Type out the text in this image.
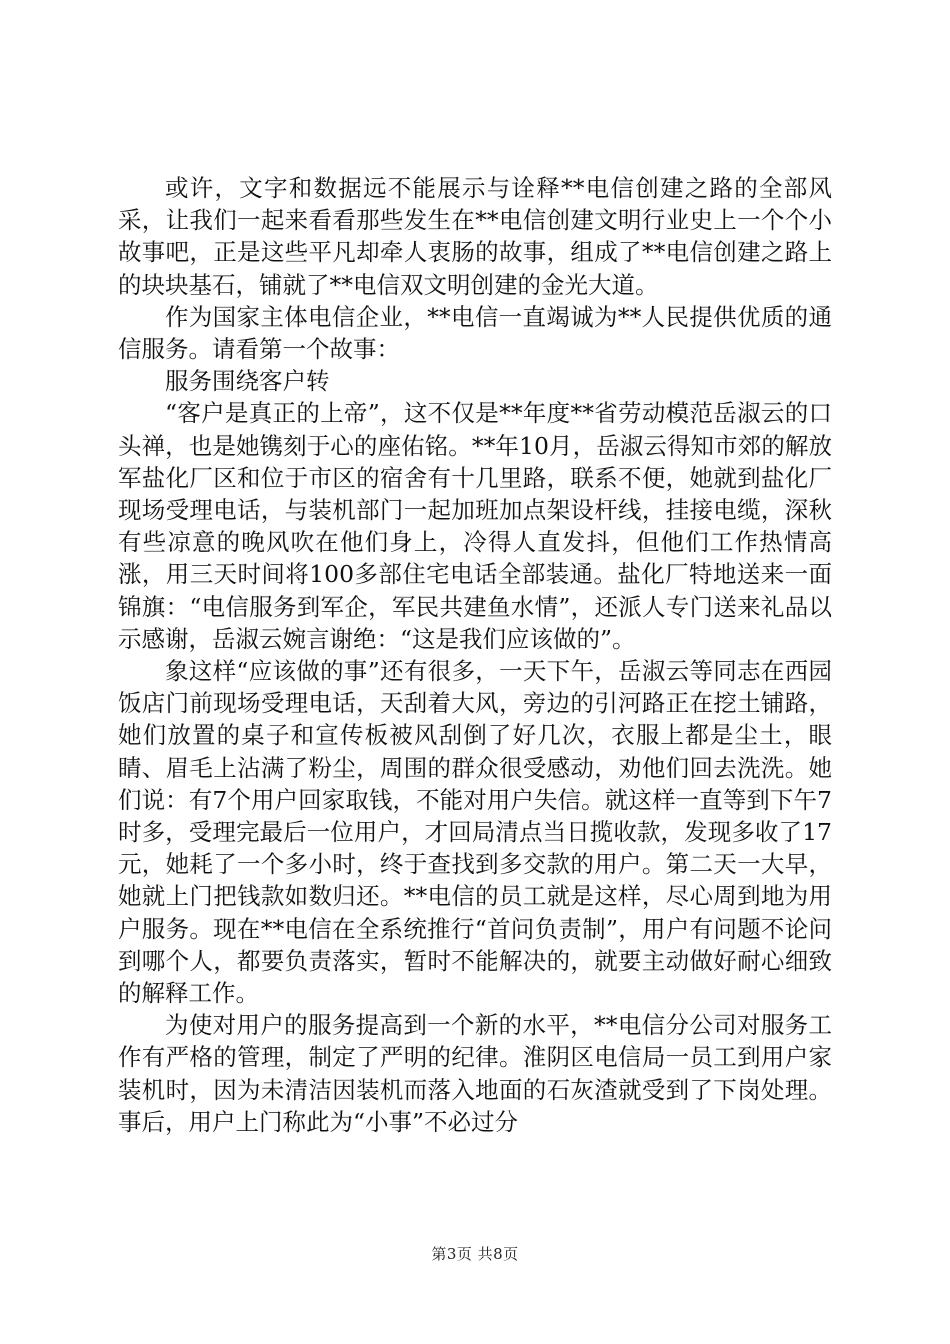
或许，文字和数据远不能展示与诠释**电信创建之路的全部风采，让我们一起来看看那些发生在**电信创建文明行业史上一个个小故事吧，正是这些平凡却牵人衷肠的故事，组成了**电信创建之路上的块块基石，铺就了**电信双文明创建的金光大道。

作为国家主体电信企业，**电信一直竭诚为**人民提供优质的通信服务。请看第一个故事：

服务围绕客户转

“客户是真正的上帝”，这不仅是**年度**省劳动模范岳淑云的口头禅，也是她镌刻于心的座佑铭。**年10月，岳淑云得知市郊的解放军盐化厂区和位于市区的宿舍有十几里路，联系不便，她就到盐化厂现场受理电话，与装机部门一起加班加点架设杆线，挂接电缆，深秋有些凉意的晚风吹在他们身上，冷得人直发抖，但他们工作热情高涨，用三天时间将100多部住宅电话全部装通。盐化厂特地送来一面锦旗：“电信服务到军企，军民共建鱼水情”，还派人专门送来礼品以示感谢，岳淑云婉言谢绝：“这是我们应该做的”。

象这样“应该做的事”还有很多，一天下午，岳淑云等同志在西园饭店门前现场受理电话，天刮着大风，旁边的引河路正在挖土铺路，她们放置的桌子和宣传板被风刮倒了好几次，衣服上都是尘土，眼睛、眉毛上沾满了粉尘，周围的群众很受感动，劝他们回去洗洗。她们说：有7个用户回家取钱，不能对用户失信。就这样一直等到下午7时多，受理完最后一位用户，才回局清点当日揽收款，发现多收了17元，她耗了一个多小时，终于查找到多交款的用户。第二天一大早，她就上门把钱款如数归还。**电信的员工就是这样，尽心周到地为用户服务。现在**电信在全系统推行“首问负责制”，用户有问题不论问到哪个人，都要负责落实，暂时不能解决的，就要主动做好耐心细致的解释工作。

为使对用户的服务提高到一个新的水平，**电信分公司对服务工作有严格的管理，制定了严明的纪律。淮阴区电信局一员工到用户家装机时，因为未清洁因装机而落入地面的石灰渣就受到了下岗处理。事后，用户上门称此为“小事”不必过分

第3页 共8页
